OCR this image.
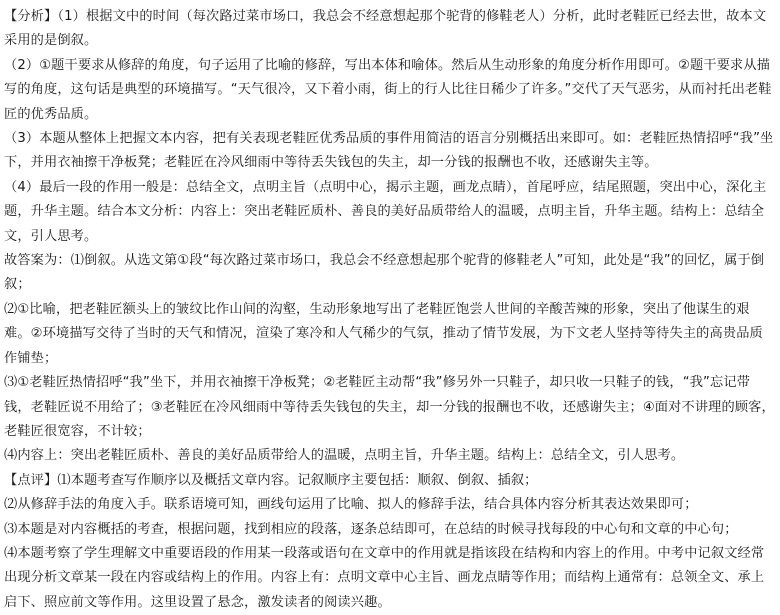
【分析】（1）根据文中的时间（每次路过菜市场口，我总会不经意想起那个驼背的修鞋老人）分析，此时老鞋匠已经去世，故本文采用的是倒叙。

（2）①题干要求从修辞的角度，句子运用了比喻的修辞，写出本体和喻体。然后从生动形象的角度分析作用即可。②题干要求从描写的角度，这句话是典型的环境描写。“天气很冷，又下着小雨，街上的行人比往日稀少了许多。”交代了天气恶劣，从而衬托出老鞋匠的优秀品质。

（3）本题从整体上把握文本内容，把有关表现老鞋匠优秀品质的事件用简洁的语言分别概括出来即可。如：老鞋匠热情招呼“我”坐下，并用衣袖擦干净板凳；老鞋匠在冷风细雨中等待丢失钱包的失主，却一分钱的报酬也不收，还感谢失主等。

（4）最后一段的作用一般是：总结全文，点明主旨（点明中心，揭示主题，画龙点睛），首尾呼应，结尾照题，突出中心，深化主题，升华主题。结合本文分析：内容上：突出老鞋匠质朴、善良的美好品质带给人的温暖，点明主旨，升华主题。结构上：总结全文，引人思考。

故答案为：⑴倒叙。从选文第①段“每次路过菜市场口，我总会不经意想起那个驼背的修鞋老人”可知，此处是“我”的回忆，属于倒叙；

⑵①比喻，把老鞋匠额头上的皱纹比作山间的沟壑，生动形象地写出了老鞋匠饱尝人世间的辛酸苦辣的形象，突出了他谋生的艰难。②环境描写交待了当时的天气和情况，渲染了寒冷和人气稀少的气氛，推动了情节发展，为下文老人坚持等待失主的高贵品质作铺垫；

⑶①老鞋匠热情招呼“我”坐下，并用衣袖擦干净板凳；②老鞋匠主动帮“我”修另外一只鞋子，却只收一只鞋子的钱，“我”忘记带钱，老鞋匠说不用给了；③老鞋匠在冷风细雨中等待丢失钱包的失主，却一分钱的报酬也不收，还感谢失主；④面对不讲理的顾客，老鞋匠很宽容，不计较；

⑷内容上：突出老鞋匠质朴、善良的美好品质带给人的温暖，点明主旨，升华主题。结构上：总结全文，引人思考。

【点评】⑴本题考查写作顺序以及概括文章内容。记叙顺序主要包括：顺叙、倒叙、插叙；

⑵从修辞手法的角度入手。联系语境可知，画线句运用了比喻、拟人的修辞手法，结合具体内容分析其表达效果即可；

⑶本题是对内容概括的考查，根据问题，找到相应的段落，逐条总结即可，在总结的时候寻找每段的中心句和文章的中心句；

⑷本题考察了学生理解文中重要语段的作用某一段落或语句在文章中的作用就是指该段在结构和内容上的作用。中考中记叙文经常出现分析文章某一段在内容或结构上的作用。内容上有：点明文章中心主旨、画龙点睛等作用；而结构上通常有：总领全文、承上启下、照应前文等作用。这里设置了悬念，激发读者的阅读兴趣。
